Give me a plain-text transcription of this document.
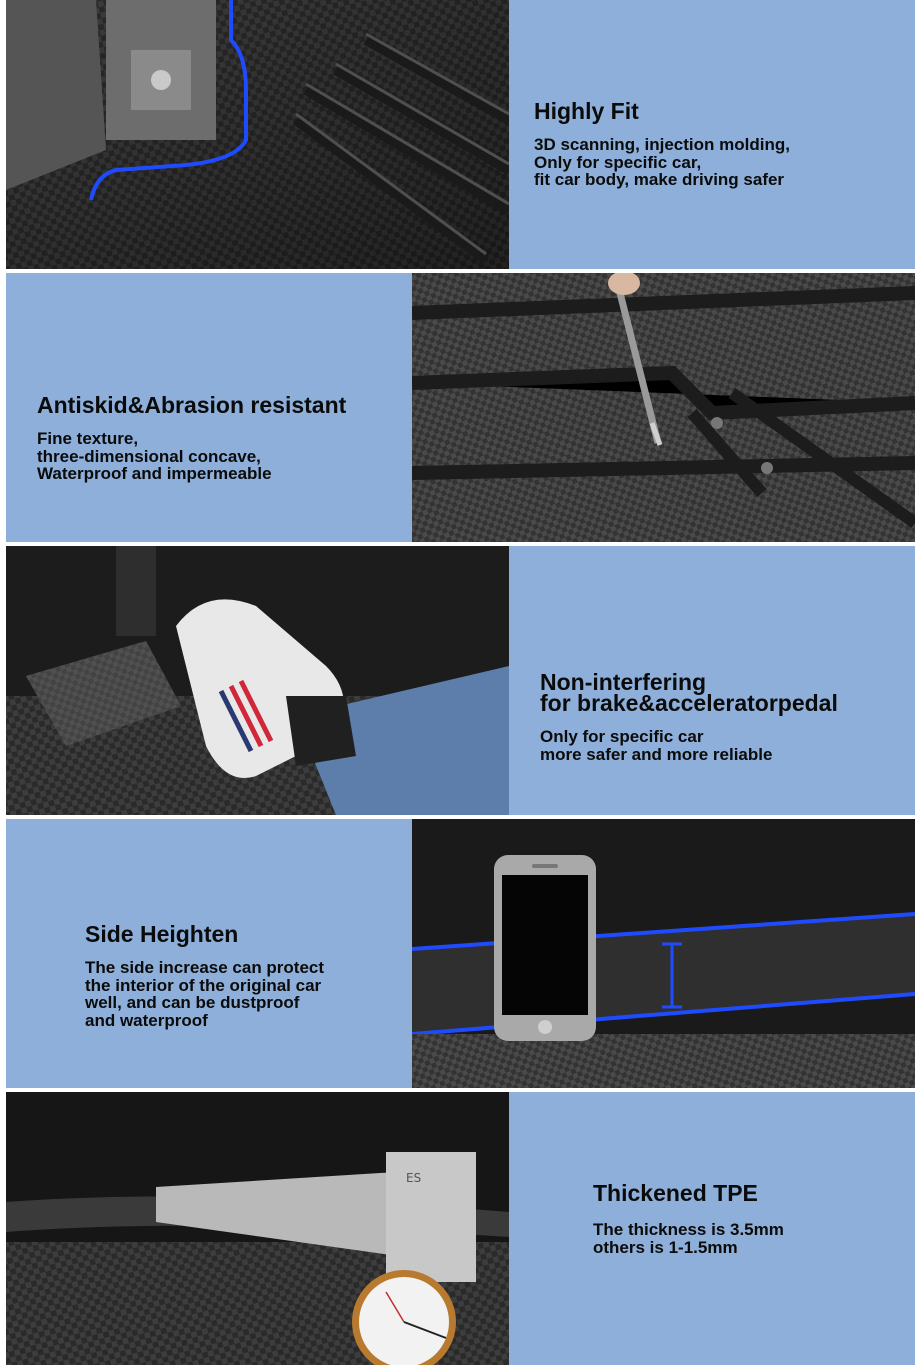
Highly Fit
3D scanning, injection molding,
Only for specific car,
fit car body, make driving safer
Antiskid&Abrasion resistant
Fine texture,
three-dimensional concave,
Waterproof and impermeable
Non-interfering
for brake&acceleratorpedal
Only for specific car
more safer and more reliable
Side Heighten
The side increase can protect
the interior of the original car
well, and can be dustproof
and waterproof
ES
Thickened TPE
The thickness is 3.5mm
others is 1-1.5mm
